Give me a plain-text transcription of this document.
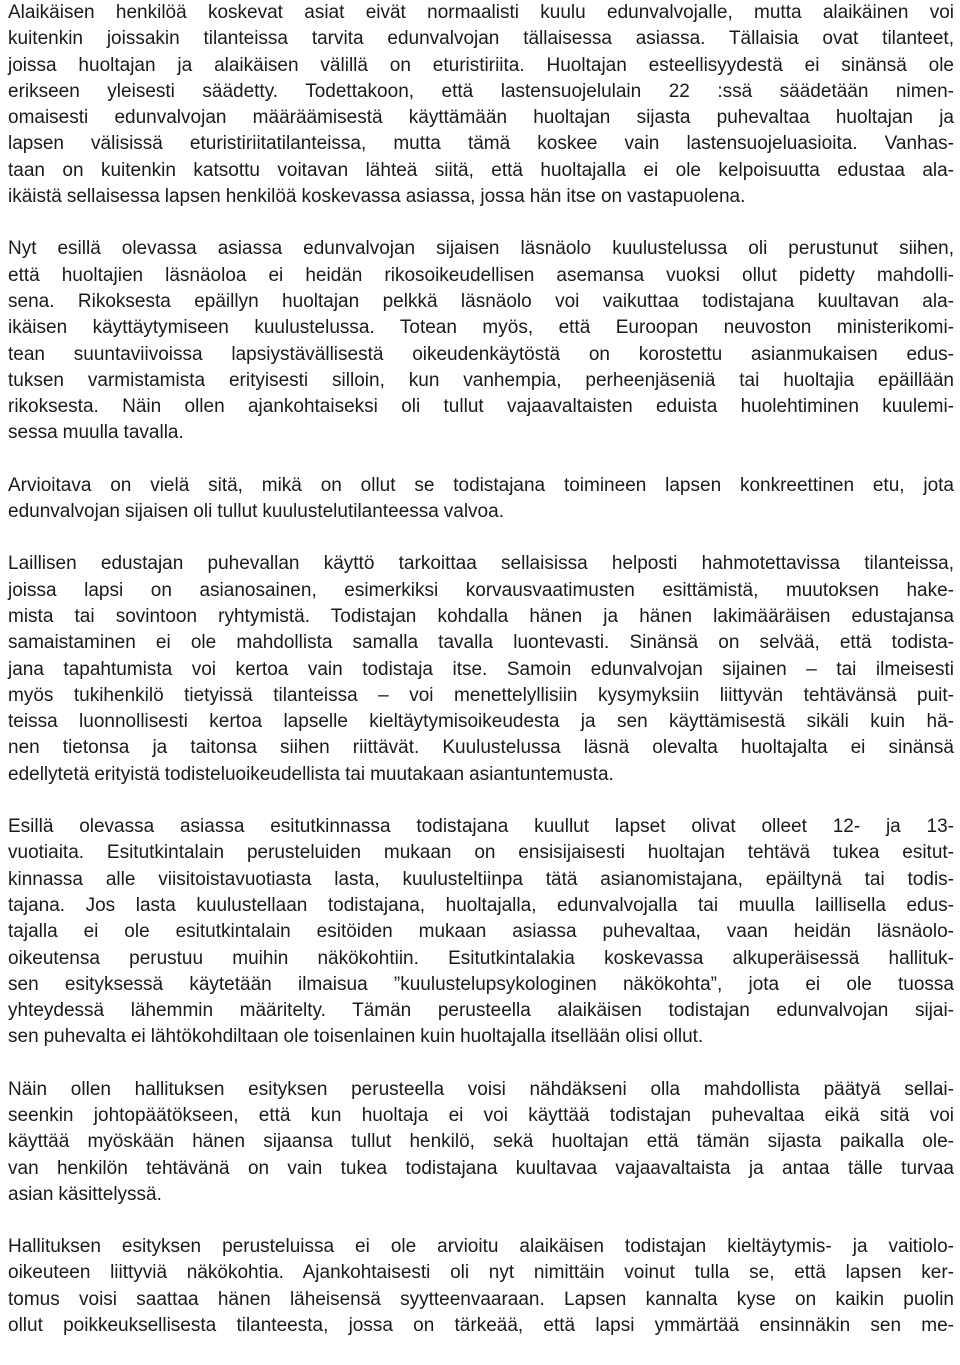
Alaikäisen henkilöä koskevat asiat eivät normaalisti kuulu edunvalvojalle, mutta alaikäinen voi
kuitenkin joissakin tilanteissa tarvita edunvalvojan tällaisessa asiassa. Tällaisia ovat tilanteet,
joissa huoltajan ja alaikäisen välillä on eturistiriita. Huoltajan esteellisyydestä ei sinänsä ole
erikseen yleisesti säädetty. Todettakoon, että lastensuojelulain 22 :ssä säädetään nimen-
omaisesti edunvalvojan määräämisestä käyttämään huoltajan sijasta puhevaltaa huoltajan ja
lapsen välisissä eturistiriitatilanteissa, mutta tämä koskee vain lastensuojeluasioita. Vanhas-
taan on kuitenkin katsottu voitavan lähteä siitä, että huoltajalla ei ole kelpoisuutta edustaa ala-
ikäistä sellaisessa lapsen henkilöä koskevassa asiassa, jossa hän itse on vastapuolena.

Nyt esillä olevassa asiassa edunvalvojan sijaisen läsnäolo kuulustelussa oli perustunut siihen,
että huoltajien läsnäoloa ei heidän rikosoikeudellisen asemansa vuoksi ollut pidetty mahdolli-
sena. Rikoksesta epäillyn huoltajan pelkkä läsnäolo voi vaikuttaa todistajana kuultavan ala-
ikäisen käyttäytymiseen kuulustelussa. Totean myös, että Euroopan neuvoston ministerikomi-
tean suuntaviivoissa lapsiystävällisestä oikeudenkäytöstä on korostettu asianmukaisen edus-
tuksen varmistamista erityisesti silloin, kun vanhempia, perheenjäseniä tai huoltajia epäillään
rikoksesta. Näin ollen ajankohtaiseksi oli tullut vajaavaltaisten eduista huolehtiminen kuulemi-
sessa muulla tavalla.

Arvioitava on vielä sitä, mikä on ollut se todistajana toimineen lapsen konkreettinen etu, jota
edunvalvojan sijaisen oli tullut kuulustelutilanteessa valvoa.

Laillisen edustajan puhevallan käyttö tarkoittaa sellaisissa helposti hahmotettavissa tilanteissa,
joissa lapsi on asianosainen, esimerkiksi korvausvaatimusten esittämistä, muutoksen hake-
mista tai sovintoon ryhtymistä. Todistajan kohdalla hänen ja hänen lakimääräisen edustajansa
samaistaminen ei ole mahdollista samalla tavalla luontevasti. Sinänsä on selvää, että todista-
jana tapahtumista voi kertoa vain todistaja itse. Samoin edunvalvojan sijainen – tai ilmeisesti
myös tukihenkilö tietyissä tilanteissa – voi menettelyllisiin kysymyksiin liittyvän tehtävänsä puit-
teissa luonnollisesti kertoa lapselle kieltäytymisoikeudesta ja sen käyttämisestä sikäli kuin hä-
nen tietonsa ja taitonsa siihen riittävät. Kuulustelussa läsnä olevalta huoltajalta ei sinänsä
edellytetä erityistä todisteluoikeudellista tai muutakaan asiantuntemusta.

Esillä olevassa asiassa esitutkinnassa todistajana kuullut lapset olivat olleet 12- ja 13-
vuotiaita. Esitutkintalain perusteluiden mukaan on ensisijaisesti huoltajan tehtävä tukea esitut-
kinnassa alle viisitoistavuotiasta lasta, kuulusteltiinpa tätä asianomistajana, epäiltynä tai todis-
tajana. Jos lasta kuulustellaan todistajana, huoltajalla, edunvalvojalla tai muulla laillisella edus-
tajalla ei ole esitutkintalain esitöiden mukaan asiassa puhevaltaa, vaan heidän läsnäolo-
oikeutensa perustuu muihin näkökohtiin. Esitutkintalakia koskevassa alkuperäisessä hallituk-
sen esityksessä käytetään ilmaisua ”kuulustelupsykologinen näkökohta”, jota ei ole tuossa
yhteydessä lähemmin määritelty. Tämän perusteella alaikäisen todistajan edunvalvojan sijai-
sen puhevalta ei lähtökohdiltaan ole toisenlainen kuin huoltajalla itsellään olisi ollut.

Näin ollen hallituksen esityksen perusteella voisi nähdäkseni olla mahdollista päätyä sellai-
seenkin johtopäätökseen, että kun huoltaja ei voi käyttää todistajan puhevaltaa eikä sitä voi
käyttää myöskään hänen sijaansa tullut henkilö, sekä huoltajan että tämän sijasta paikalla ole-
van henkilön tehtävänä on vain tukea todistajana kuultavaa vajaavaltaista ja antaa tälle turvaa
asian käsittelyssä.

Hallituksen esityksen perusteluissa ei ole arvioitu alaikäisen todistajan kieltäytymis- ja vaitiolo-
oikeuteen liittyviä näkökohtia. Ajankohtaisesti oli nyt nimittäin voinut tulla se, että lapsen ker-
tomus voisi saattaa hänen läheisensä syytteenvaaraan. Lapsen kannalta kyse on kaikin puolin
ollut poikkeuksellisesta tilanteesta, jossa on tärkeää, että lapsi ymmärtää ensinnäkin sen me-
